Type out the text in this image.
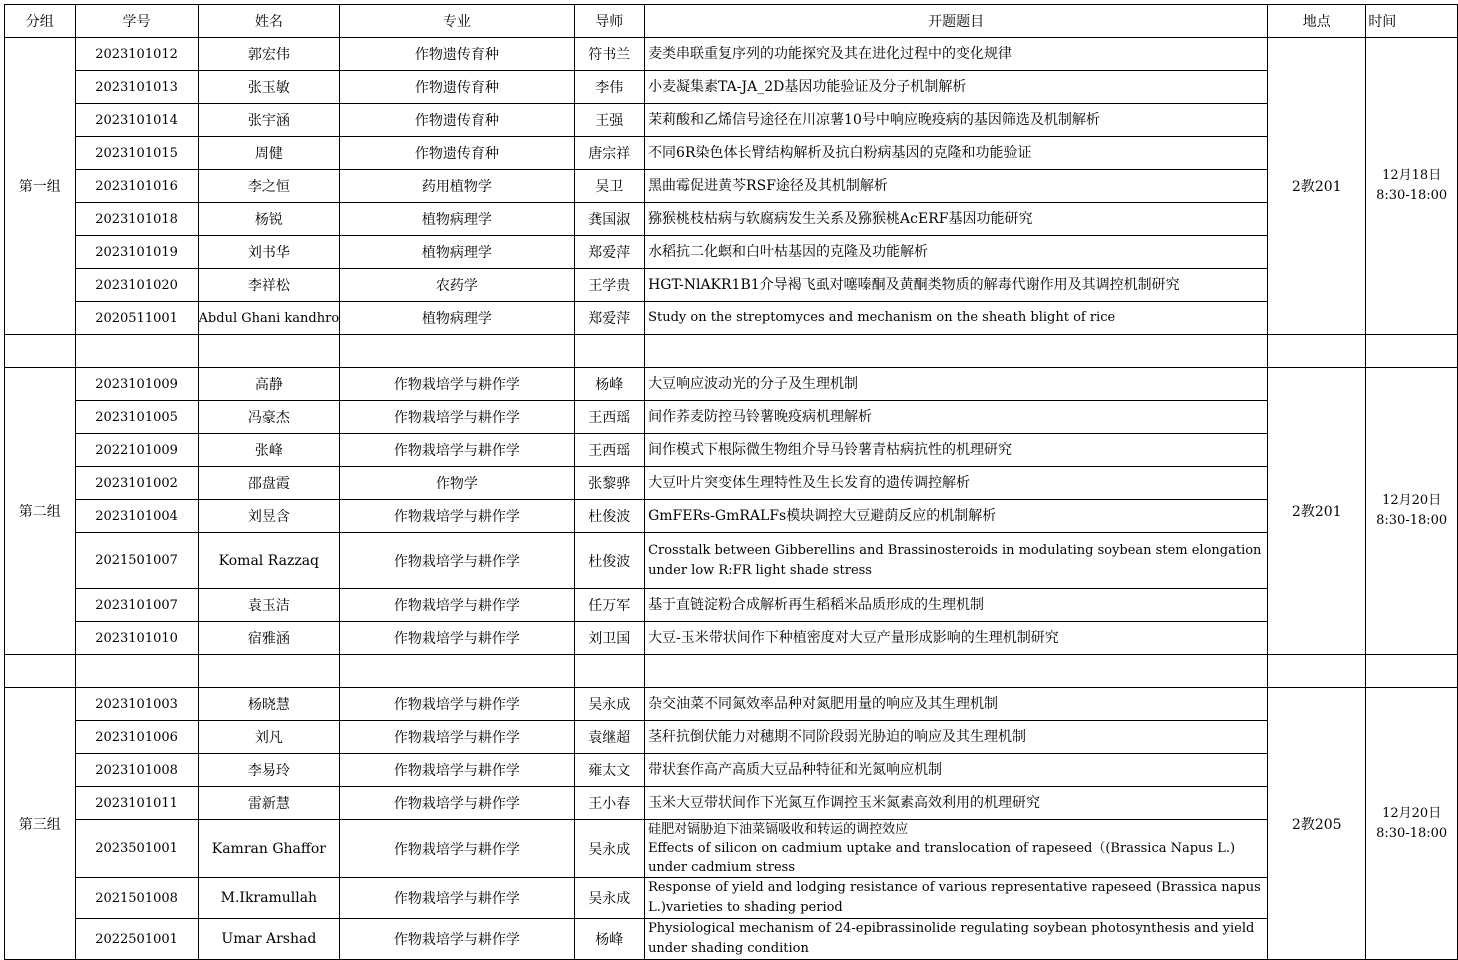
分组	学号	姓名	专业	导师	开题题目	地点	时间
第一组	2023101012	郭宏伟	作物遗传育种	符书兰	麦类串联重复序列的功能探究及其在进化过程中的变化规律	2教201	12月18日
8:30-18:00

	2023101013	张玉敏	作物遗传育种	李伟	小麦凝集素TA-JA_2D基因功能验证及分子机制解析		
	2023101014	张宇涵	作物遗传育种	王强	茉莉酸和乙烯信号途径在川凉薯10号中响应晚疫病的基因筛选及机制解析		
	2023101015	周健	作物遗传育种	唐宗祥	不同6R染色体长臂结构解析及抗白粉病基因的克隆和功能验证		
	2023101016	李之恒	药用植物学	吴卫	黑曲霉促进黄芩RSF途径及其机制解析		
	2023101018	杨锐	植物病理学	龚国淑	猕猴桃枝枯病与软腐病发生关系及猕猴桃AcERF基因功能研究		
	2023101019	刘书华	植物病理学	郑爱萍	水稻抗二化螟和白叶枯基因的克隆及功能解析		
	2023101020	李祥松	农药学	王学贵	HGT-NlAKR1B1介导褐飞虱对噻嗪酮及黄酮类物质的解毒代谢作用及其调控机制研究		
	2020511001	Abdul Ghani kandhro	植物病理学	郑爱萍	Study on the streptomyces and mechanism on the sheath blight of rice		

第二组	2023101009	高静	作物栽培学与耕作学	杨峰	大豆响应波动光的分子及生理机制	2教201	12月20日
8:30-18:00

	2023101005	冯豪杰	作物栽培学与耕作学	王西瑶	间作荞麦防控马铃薯晚疫病机理解析		
	2022101009	张峰	作物栽培学与耕作学	王西瑶	间作模式下根际微生物组介导马铃薯青枯病抗性的机理研究		
	2023101002	邵盘霞	作物学	张黎骅	大豆叶片突变体生理特性及生长发育的遗传调控解析		
	2023101004	刘昱含	作物栽培学与耕作学	杜俊波	GmFERs-GmRALFs模块调控大豆避荫反应的机制解析		
	2021501007	Komal Razzaq	作物栽培学与耕作学	杜俊波	Crosstalk between Gibberellins and Brassinosteroids in modulating soybean stem elongation under low R:FR light shade stress		
	2023101007	袁玉洁	作物栽培学与耕作学	任万军	基于直链淀粉合成解析再生稻稻米品质形成的生理机制		
	2023101010	宿雅涵	作物栽培学与耕作学	刘卫国	大豆-玉米带状间作下种植密度对大豆产量形成影响的生理机制研究		

第三组	2023101003	杨晓慧	作物栽培学与耕作学	吴永成	杂交油菜不同氮效率品种对氮肥用量的响应及其生理机制	2教205	12月20日
8:30-18:00

	2023101006	刘凡	作物栽培学与耕作学	袁继超	茎秆抗倒伏能力对穗期不同阶段弱光胁迫的响应及其生理机制		
	2023101008	李易玲	作物栽培学与耕作学	雍太文	带状套作高产高质大豆品种特征和光氮响应机制		
	2023101011	雷新慧	作物栽培学与耕作学	王小春	玉米大豆带状间作下光氮互作调控玉米氮素高效利用的机理研究		
	2023501001	Kamran Ghaffor	作物栽培学与耕作学	吴永成	硅肥对镉胁迫下油菜镉吸收和转运的调控效应
Effects of silicon on cadmium uptake and translocation of rapeseed（(Brassica Napus L.) under cadmium stress		

	2021501008	M.Ikramullah	作物栽培学与耕作学	吴永成	Response of yield and lodging resistance of various representative rapeseed (Brassica napus L.)varieties to shading period		
	2022501001	Umar Arshad	作物栽培学与耕作学	杨峰	Physiological mechanism of 24-epibrassinolide regulating soybean photosynthesis and yield under shading condition		
